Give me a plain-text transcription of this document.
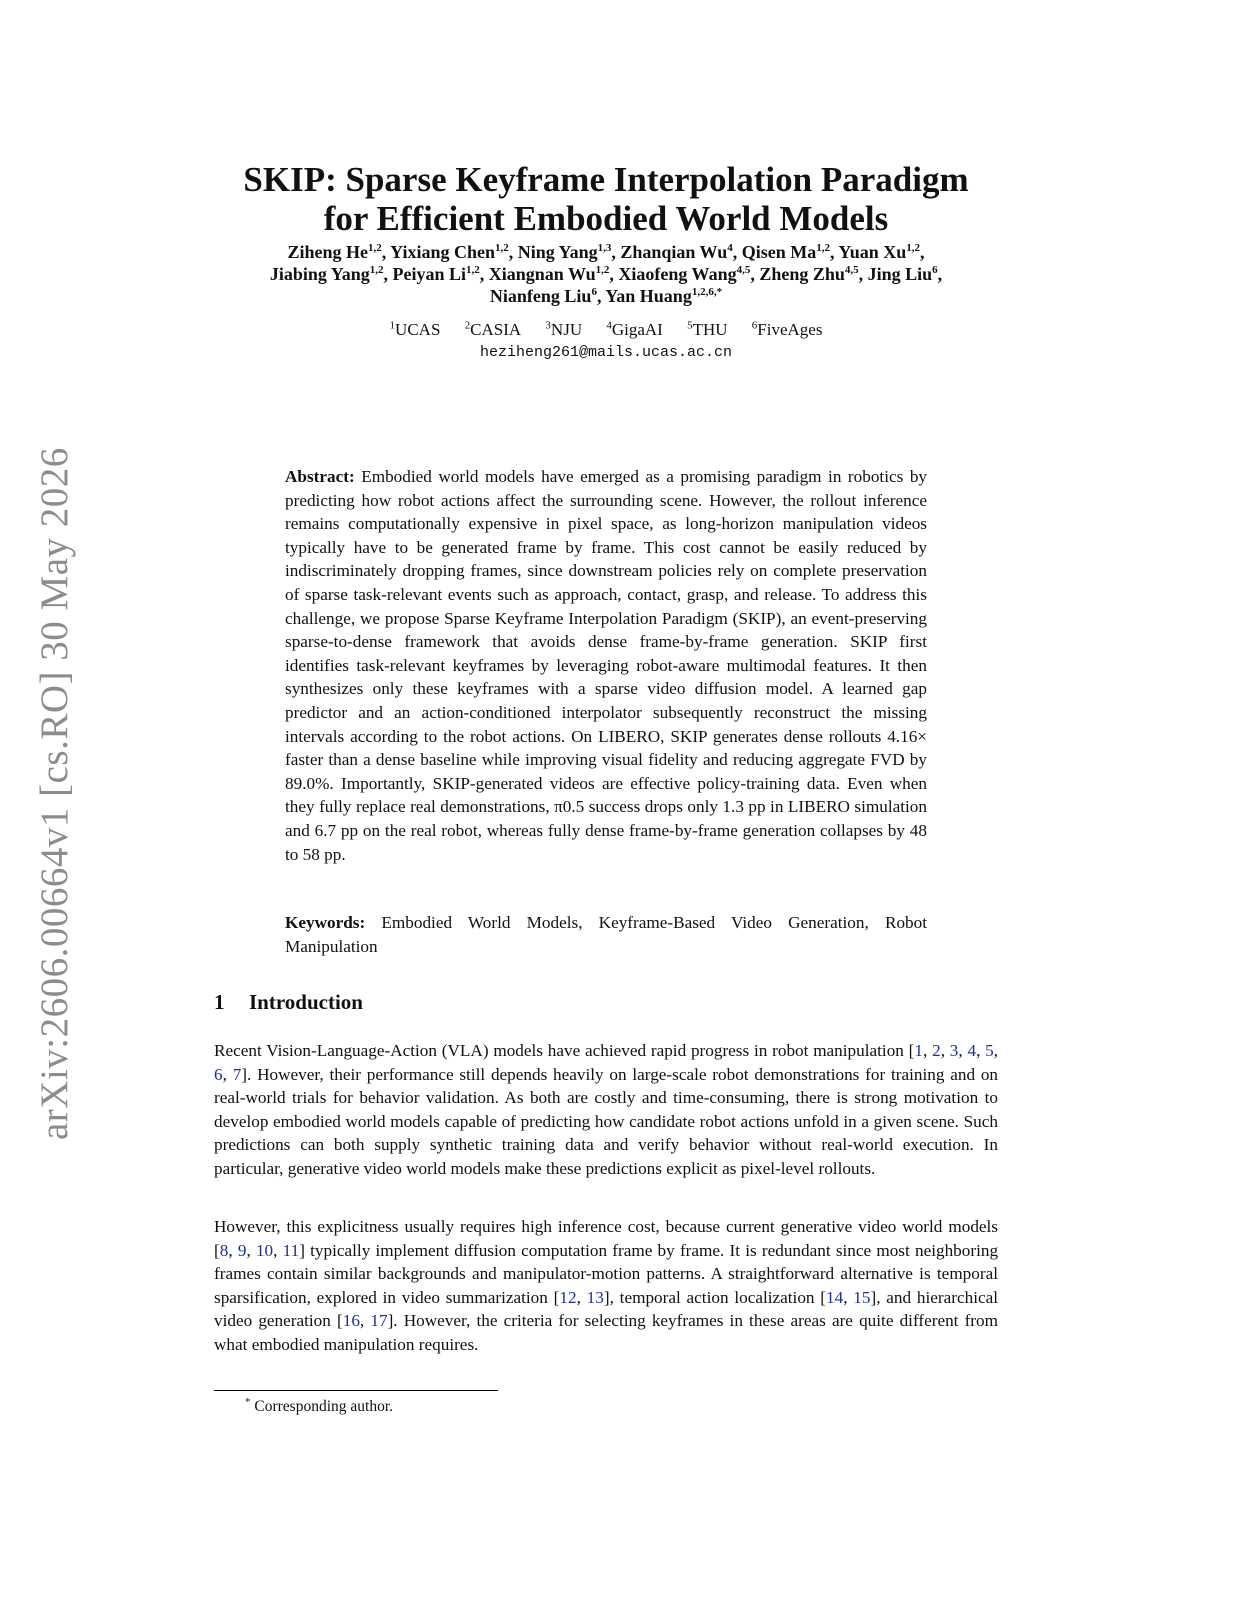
arXiv:2606.00664v1 [cs.RO] 30 May 2026
SKIP: Sparse Keyframe Interpolation Paradigm
for Efficient Embodied World Models
Ziheng He$^{1,2}$, Yixiang Chen$^{1,2}$, Ning Yang$^{1,3}$, Zhanqian Wu$^4$, Qisen Ma$^{1,2}$, Yuan Xu$^{1,2}$,
Jiabing Yang$^{1,2}$, Peiyan Li$^{1,2}$, Xiangnan Wu$^{1,2}$, Xiaofeng Wang$^{4,5}$, Zheng Zhu$^{4,5}$, Jing Liu$^6$,
Nianfeng Liu$^6$, Yan Huang$^{1,2,6,*}$
$^1$UCAS $^2$CASIA $^3$NJU $^4$GigaAI $^5$THU $^6$FiveAges
heziheng261@mails.ucas.ac.cn
Abstract: Embodied world models have emerged as a promising paradigm in robotics by predicting how robot actions affect the surrounding scene. However, the rollout inference remains computationally expensive in pixel space, as long-horizon manipulation videos typically have to be generated frame by frame. This cost cannot be easily reduced by indiscriminately dropping frames, since downstream policies rely on complete preservation of sparse task-relevant events such as approach, contact, grasp, and release. To address this challenge, we propose Sparse Keyframe Interpolation Paradigm (SKIP), an event-preserving sparse-to-dense framework that avoids dense frame-by-frame generation. SKIP first identifies task-relevant keyframes by leveraging robot-aware multimodal features. It then synthesizes only these keyframes with a sparse video diffusion model. A learned gap predictor and an action-conditioned interpolator subsequently reconstruct the missing intervals according to the robot actions. On LIBERO, SKIP generates dense rollouts 4.16× faster than a dense baseline while improving visual fidelity and reducing aggregate FVD by 89.0%. Importantly, SKIP-generated videos are effective policy-training data. Even when they fully replace real demonstrations, π0.5 success drops only 1.3 pp in LIBERO simulation and 6.7 pp on the real robot, whereas fully dense frame-by-frame generation collapses by 48 to 58 pp.
Keywords: Embodied World Models, Keyframe-Based Video Generation, Robot Manipulation
1 Introduction

Recent Vision-Language-Action (VLA) models have achieved rapid progress in robot manipulation [1, 2, 3, 4, 5, 6, 7]. However, their performance still depends heavily on large-scale robot demonstrations for training and on real-world trials for behavior validation. As both are costly and time-consuming, there is strong motivation to develop embodied world models capable of predicting how candidate robot actions unfold in a given scene. Such predictions can both supply synthetic training data and verify behavior without real-world execution. In particular, generative video world models make these predictions explicit as pixel-level rollouts.

However, this explicitness usually requires high inference cost, because current generative video world models [8, 9, 10, 11] typically implement diffusion computation frame by frame. It is redundant since most neighboring frames contain similar backgrounds and manipulator-motion patterns. A straightforward alternative is temporal sparsification, explored in video summarization [12, 13], temporal action localization [14, 15], and hierarchical video generation [16, 17]. However, the criteria for selecting keyframes in these areas are quite different from what embodied manipulation requires.

* Corresponding author.
